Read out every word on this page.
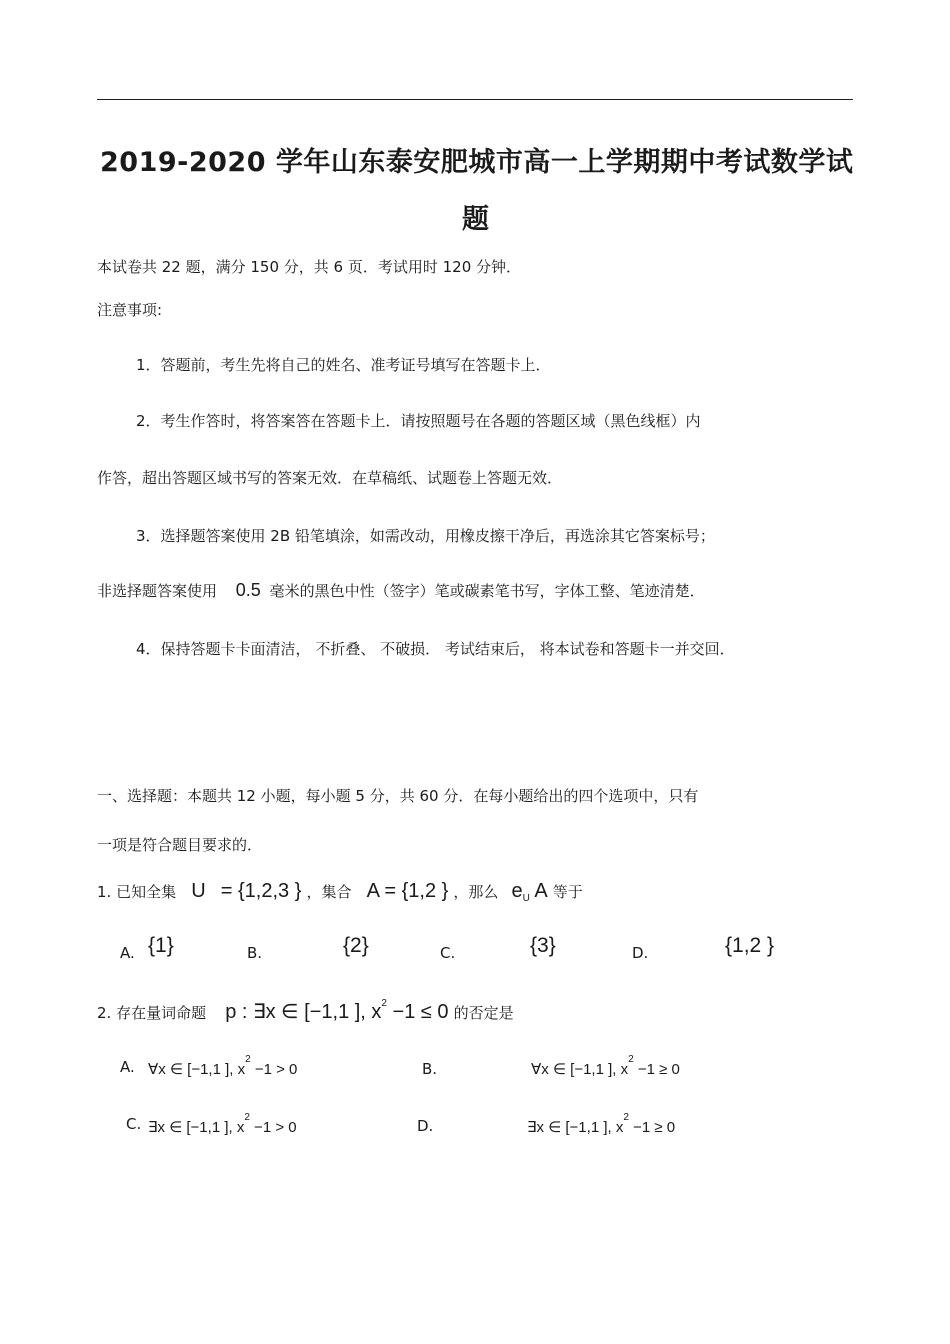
2019-2020 学年山东泰安肥城市高一上学期期中考试数学试
题
本试卷共 22 题，满分 150 分，共 6 页．考试用时 120 分钟．
注意事项:
1．答题前，考生先将自己的姓名、准考证号填写在答题卡上．
2．考生作答时，将答案答在答题卡上．请按照题号在各题的答题区域（黑色线框）内
作答，超出答题区域书写的答案无效．在草稿纸、试题卷上答题无效．
3．选择题答案使用 2B 铅笔填涂，如需改动，用橡皮擦干净后，再选涂其它答案标号；
非选择题答案使用 0.5 毫米的黑色中性（签字）笔或碳素笔书写，字体工整、笔迹清楚．
4．保持答题卡卡面清洁， 不折叠、 不破损． 考试结束后， 将本试卷和答题卡一并交回．
一、选择题：本题共 12 小题，每小题 5 分，共 60 分．在每小题给出的四个选项中，只有
一项是符合题目要求的．
1. 已知全集 U = {1,2,3 } ，集合 A = {1,2 } ，那么 $e_U$ A 等于
A. {1}	B.	{2}	C.	{3}	D.	{1,2 }
2. 存在量词命题 p : ∃x ∈ [−1,1 ], $x^2 -1 \le 0$ 的否定是
A. ∀x ∈ [−1,1 ], $x^2 -1 > 0$	B.	∀x ∈ [−1,1 ], $x^2 -1 \ge 0$
C. ∃x ∈ [−1,1 ], $x^2 -1 > 0$	D.	∃x ∈ [−1,1 ], $x^2 -1 \ge 0$
